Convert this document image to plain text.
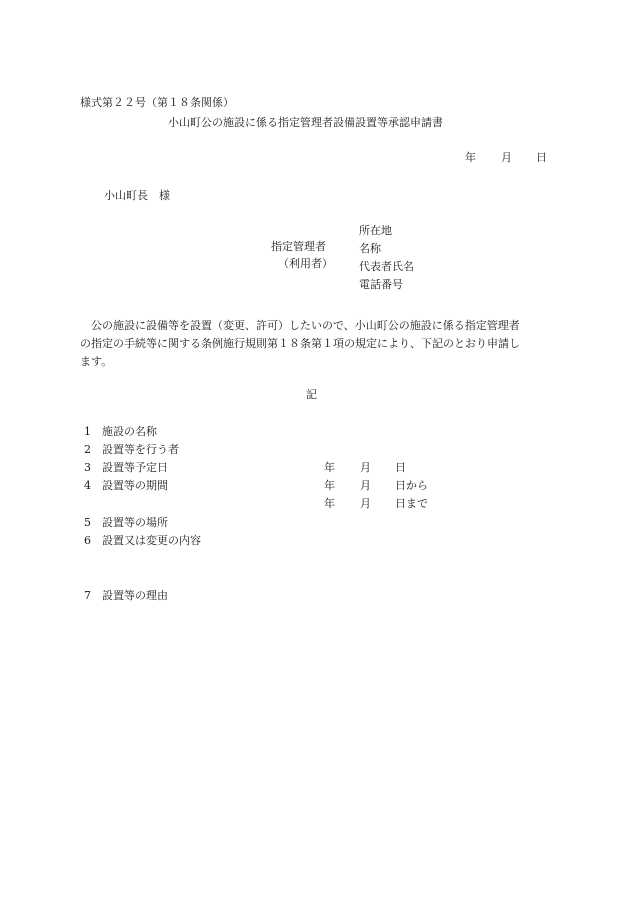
様式第２２号（第１８条関係）
小山町公の施設に係る指定管理者設備設置等承認申請書
年 月 日
小山町長　様
指定管理者
（利用者）
所在地
名称
代表者氏名
電話番号
　公の施設に設備等を設置（変更、許可）したいので、小山町公の施設に係る指定管理者
の指定の手続等に関する条例施行規則第１８条第１項の規定により、下記のとおり申請し
ます。
記
1 施設の名称
2 設置等を行う者
3 設置等予定日	年 月 日
4 設置等の期間	年 月 日から
年 月 日まで
5 設置等の場所
6 設置又は変更の内容
7 設置等の理由
